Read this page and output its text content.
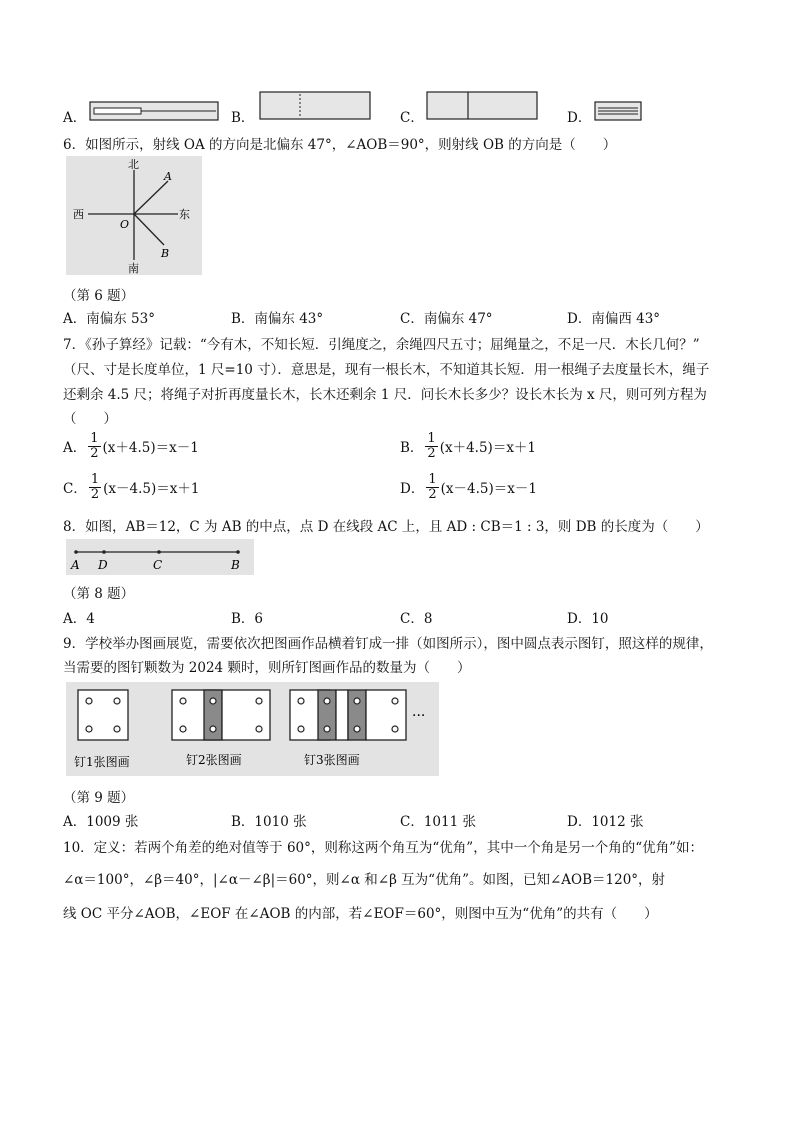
A．	B．	C．	D．
6．如图所示，射线 OA 的方向是北偏东 47°，∠AOB＝90°，则射线 OB 的方向是（　　）
北
南
西	东
O
A
B
（第 6 题）
A．南偏东 53°	B．南偏东 43°	C．南偏东 47°	D．南偏西 43°
7．《孙子算经》记载：“今有木，不知长短．引绳度之，余绳四尺五寸；屈绳量之，不足一尺．木长几何？”
（尺、寸是长度单位，1 尺=10 寸）．意思是，现有一根长木，不知道其长短．用一根绳子去度量长木，绳子
还剩余 4.5 尺；将绳子对折再度量长木，长木还剩余 1 尺．问长木长多少？设长木长为 x 尺，则可列方程为
（　　）
A． $\frac{1}{2} (x+4.5)=x-1$	B． $\frac{1}{2} (x+4.5)=x+1$
C． $\frac{1}{2} (x-4.5)=x+1$	D． $\frac{1}{2} (x-4.5)=x-1$
8．如图，AB＝12，C 为 AB 的中点，点 D 在线段 AC 上，且 AD : CB＝1 : 3，则 DB 的长度为（　　）
A D	C	B
（第 8 题）
A．4	B．6	C．8	D．10
9．学校举办图画展览，需要依次把图画作品横着钉成一排（如图所示），图中圆点表示图钉，照这样的规律，
当需要的图钉颗数为 2024 颗时，则所钉图画作品的数量为（　　）
···
钉1张图画	钉2张图画	钉3张图画
（第 9 题）
A．1009 张	B．1010 张	C．1011 张	D．1012 张
10．定义：若两个角差的绝对值等于 60°，则称这两个角互为“优角”，其中一个角是另一个角的“优角”如：
∠α＝100°，∠β＝40°，|∠α－∠β|＝60°，则∠α 和∠β 互为“优角”。如图，已知∠AOB＝120°，射
线 OC 平分∠AOB，∠EOF 在∠AOB 的内部，若∠EOF＝60°，则图中互为“优角”的共有（　　）
